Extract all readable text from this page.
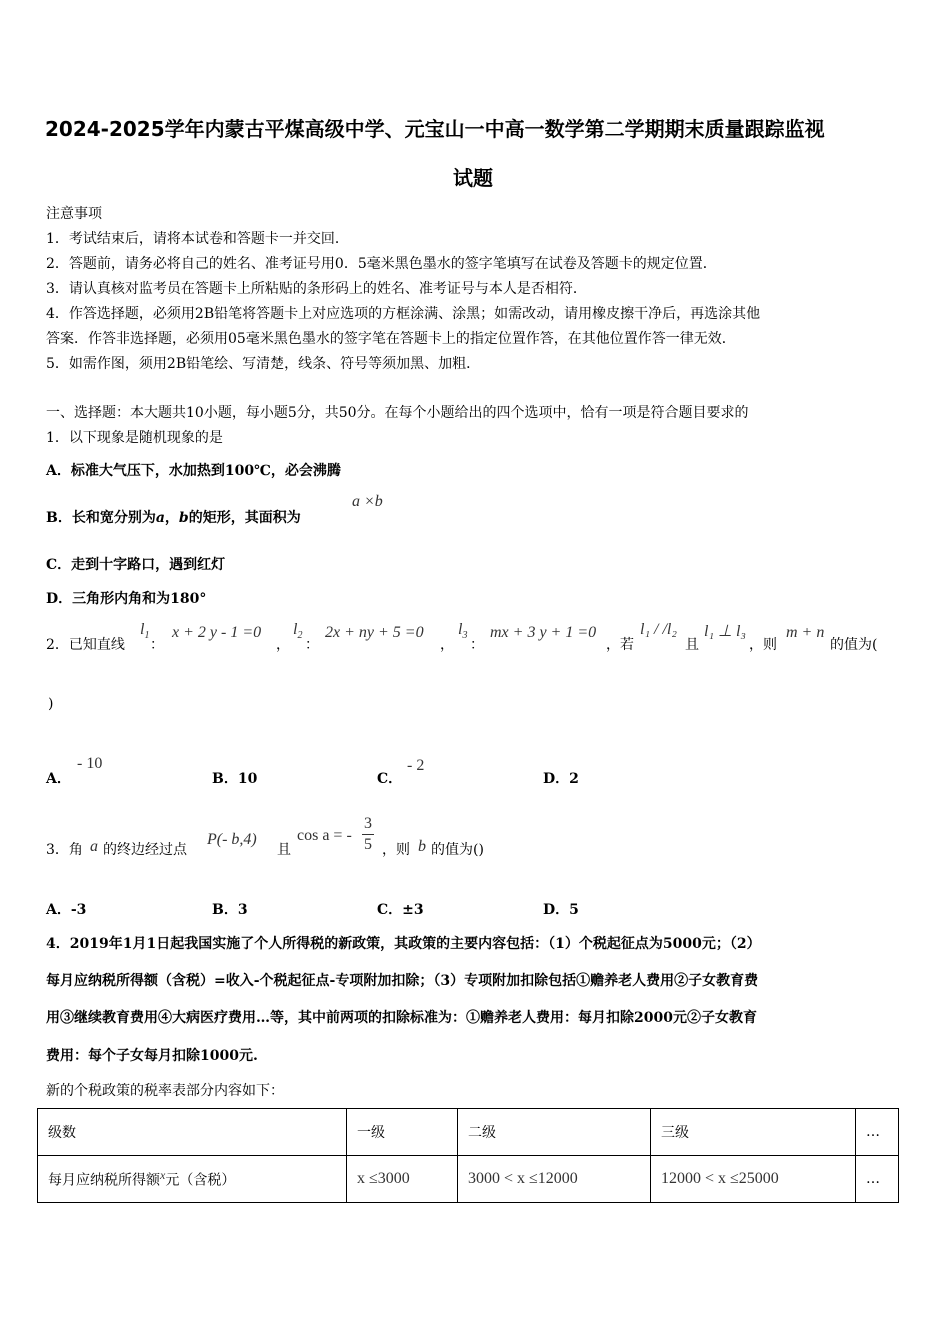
2024-2025学年内蒙古平煤高级中学、元宝山一中高一数学第二学期期末质量跟踪监视
试题
注意事项
1．考试结束后，请将本试卷和答题卡一并交回．
2．答题前，请务必将自己的姓名、准考证号用0．5毫米黑色墨水的签字笔填写在试卷及答题卡的规定位置．
3．请认真核对监考员在答题卡上所粘贴的条形码上的姓名、准考证号与本人是否相符．
4．作答选择题，必须用2B铅笔将答题卡上对应选项的方框涂满、涂黑；如需改动，请用橡皮擦干净后，再选涂其他
答案．作答非选择题，必须用05毫米黑色墨水的签字笔在答题卡上的指定位置作答，在其他位置作答一律无效．
5．如需作图，须用2B铅笔绘、写清楚，线条、符号等须加黑、加粗．
一、选择题：本大题共10小题，每小题5分，共50分。在每个小题给出的四个选项中，恰有一项是符合题目要求的
1．以下现象是随机现象的是
A．标准大气压下，水加热到100℃，必会沸腾
B．长和宽分别为a，b的矩形，其面积为
a ×b
C．走到十字路口，遇到红灯
D．三角形内角和为180°
2．已知直线
$l_1$
：
x + 2 y - 1 =0
，
$l_2$
：
2x + ny + 5 =0
，
$l_3$
：
mx + 3 y + 1 =0
，若
l₁ / /l₂
且
l₁ ⊥ l₃
，则
m + n
的值为(
)
A．
- 10
B．10	C．
- 2
D．2
3．角 a 的终边经过点
P(- b,4)
且
cos a = - $\frac{3}{5}$ ，则 b 的值为()
A．-3	B．3	C．±3	D．5
4．2019年1月1日起我国实施了个人所得税的新政策，其政策的主要内容包括：（1）个税起征点为5000元；（2）
每月应纳税所得额（含税）=收入-个税起征点-专项附加扣除；（3）专项附加扣除包括①赡养老人费用②子女教育费
用③继续教育费用④大病医疗费用…等，其中前两项的扣除标准为：①赡养老人费用：每月扣除2000元②子女教育
费用：每个子女每月扣除1000元.
新的个税政策的税率表部分内容如下：
级数	一级	二级	三级	…
每月应纳税所得额$^x$元（含税）	x ≤3000	3000 < x ≤12000	12000 < x ≤25000	…
